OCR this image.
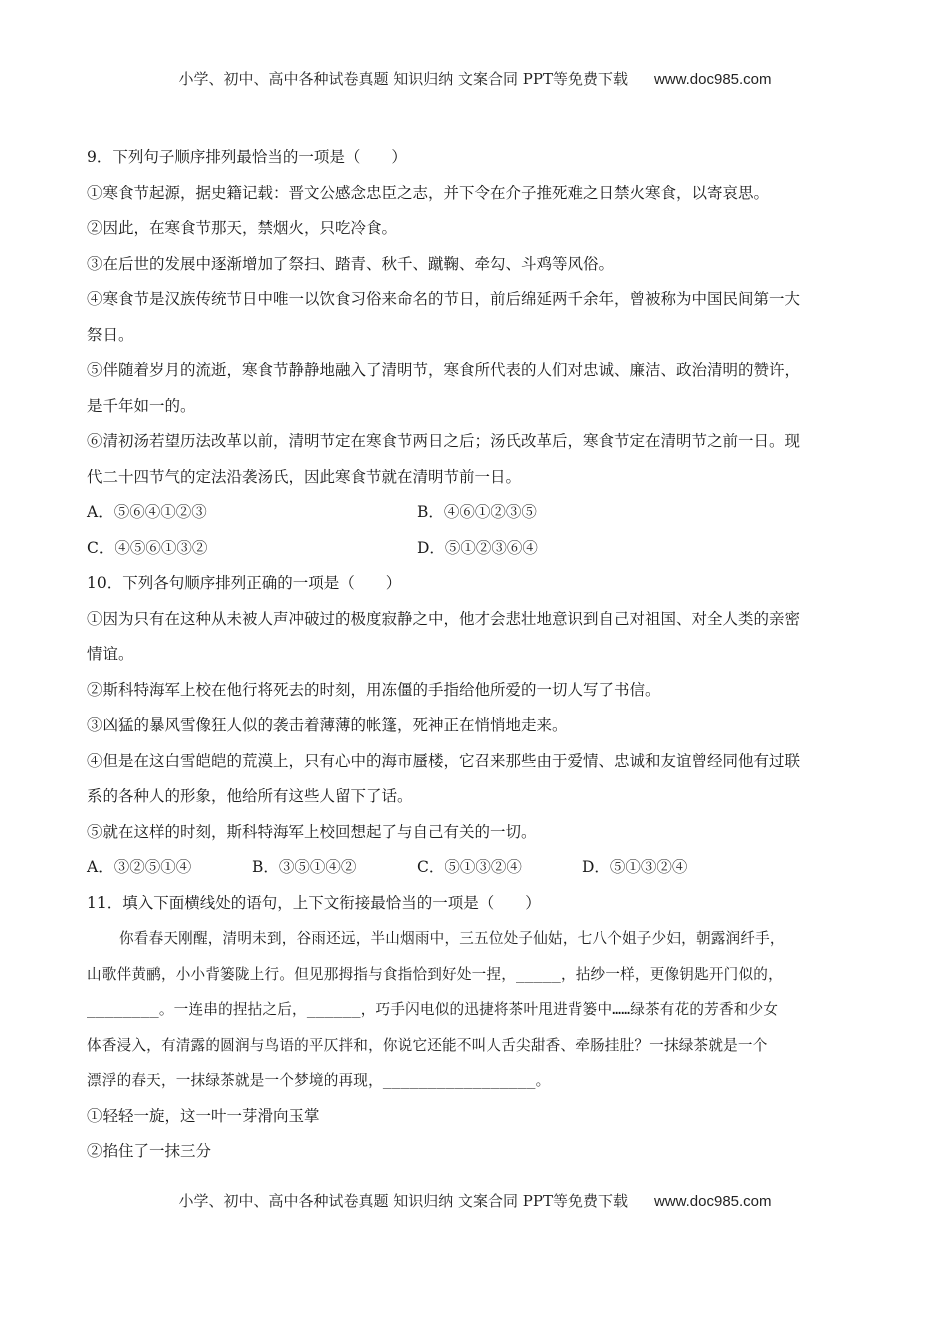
小学、初中、高中各种试卷真题 知识归纳 文案合同 PPT等免费下载 www.doc985.com
9．下列句子顺序排列最恰当的一项是（　　）
①寒食节起源，据史籍记载：晋文公感念忠臣之志，并下令在介子推死难之日禁火寒食，以寄哀思。
②因此，在寒食节那天，禁烟火，只吃冷食。
③在后世的发展中逐渐增加了祭扫、踏青、秋千、蹴鞠、牵勾、斗鸡等风俗。
④寒食节是汉族传统节日中唯一以饮食习俗来命名的节日，前后绵延两千余年，曾被称为中国民间第一大
祭日。
⑤伴随着岁月的流逝，寒食节静静地融入了清明节，寒食所代表的人们对忠诚、廉洁、政治清明的赞许，
是千年如一的。
⑥清初汤若望历法改革以前，清明节定在寒食节两日之后；汤氏改革后，寒食节定在清明节之前一日。现
代二十四节气的定法沿袭汤氏，因此寒食节就在清明节前一日。
A．⑤⑥④①②③	B．④⑥①②③⑤
C．④⑤⑥①③②	D．⑤①②③⑥④
10．下列各句顺序排列正确的一项是（　　）
①因为只有在这种从未被人声冲破过的极度寂静之中，他才会悲壮地意识到自己对祖国、对全人类的亲密
情谊。
②斯科特海军上校在他行将死去的时刻，用冻僵的手指给他所爱的一切人写了书信。
③凶猛的暴风雪像狂人似的袭击着薄薄的帐篷，死神正在悄悄地走来。
④但是在这白雪皑皑的荒漠上，只有心中的海市蜃楼，它召来那些由于爱情、忠诚和友谊曾经同他有过联
系的各种人的形象，他给所有这些人留下了话。
⑤就在这样的时刻，斯科特海军上校回想起了与自己有关的一切。
A．③②⑤①④	B．③⑤①④②	C．⑤①③②④	D．⑤①③②④
11．填入下面横线处的语句，上下文衔接最恰当的一项是（　　）
你看春天刚醒，清明未到，谷雨还远，半山烟雨中，三五位处子仙姑，七八个姐子少妇，朝露润纤手，
山歌伴黄鹂，小小背篓陇上行。但见那拇指与食指恰到好处一捏，_____，拈纱一样，更像钥匙开门似的，
________。一连串的捏拈之后，______，巧手闪电似的迅捷将茶叶甩进背篓中……绿茶有花的芳香和少女
体香浸入，有清露的圆润与鸟语的平仄拌和，你说它还能不叫人舌尖甜香、牵肠挂肚？一抹绿茶就是一个
漂浮的春天，一抹绿茶就是一个梦境的再现，_________________。
①轻轻一旋，这一叶一芽滑向玉掌
②掐住了一抹三分
小学、初中、高中各种试卷真题 知识归纳 文案合同 PPT等免费下载 www.doc985.com
